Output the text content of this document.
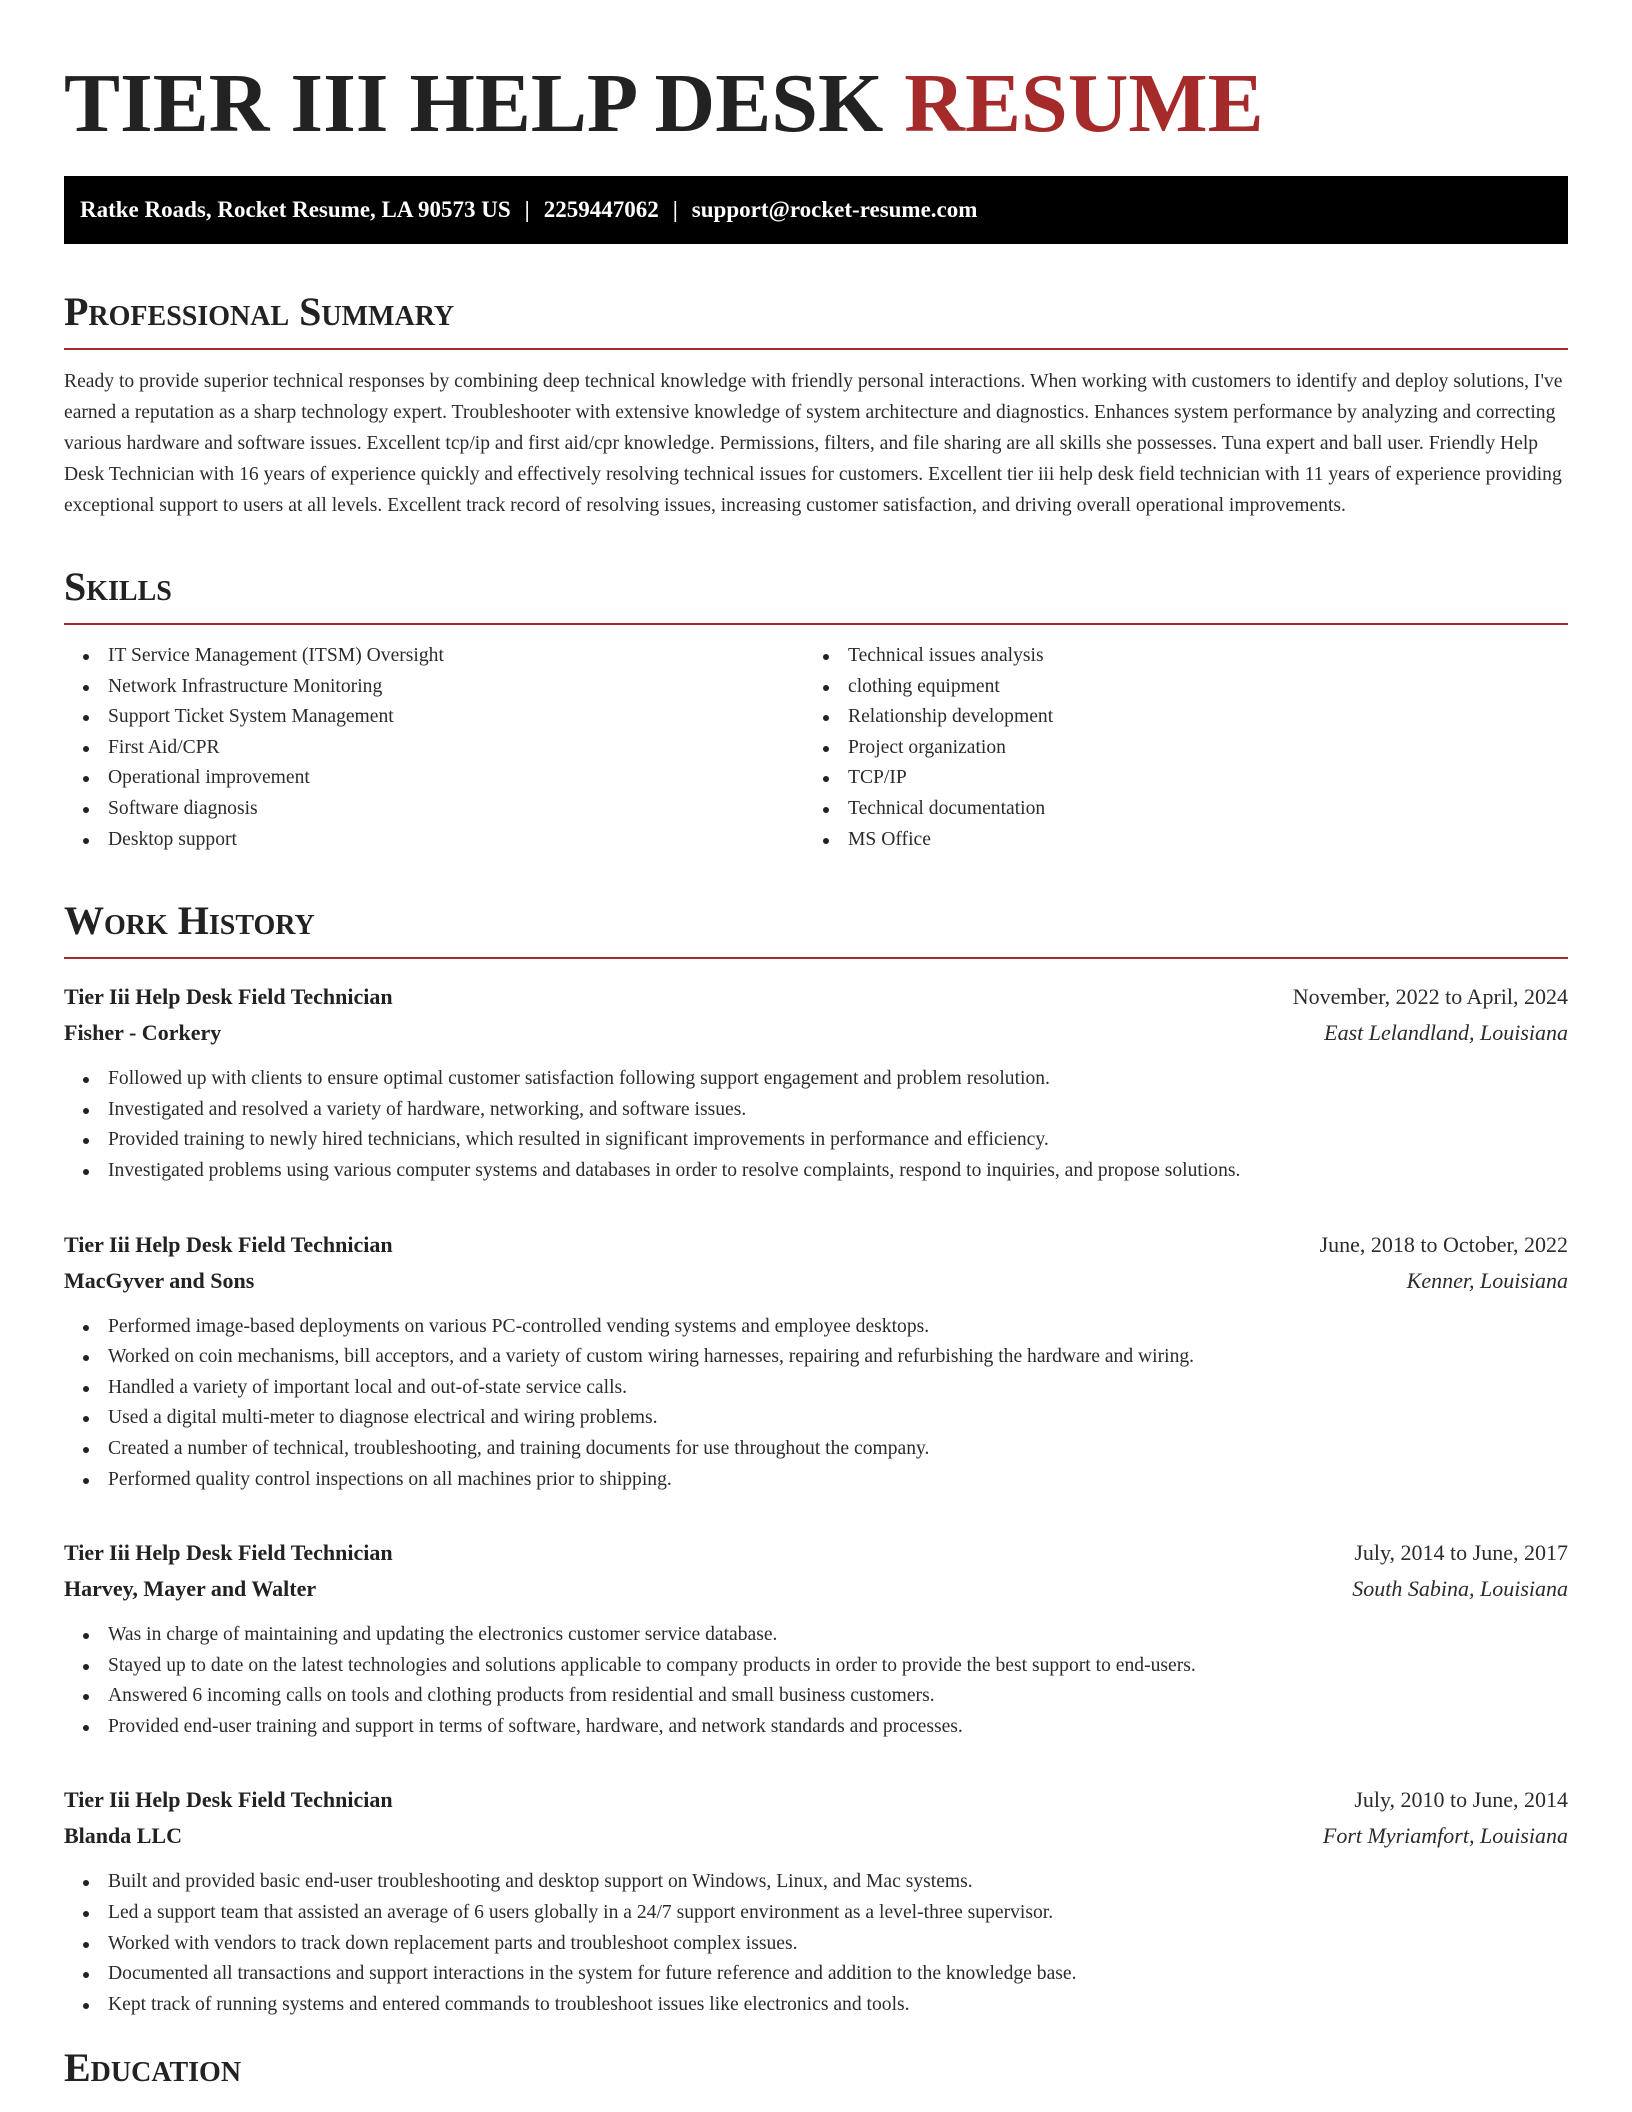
TIER III HELP DESK RESUME
Ratke Roads, Rocket Resume, LA 90573 US | 2259447062 | support@rocket-resume.com
Professional Summary

Ready to provide superior technical responses by combining deep technical knowledge with friendly personal interactions. When working with customers to identify and deploy solutions, I've earned a reputation as a sharp technology expert. Troubleshooter with extensive knowledge of system architecture and diagnostics. Enhances system performance by analyzing and correcting various hardware and software issues. Excellent tcp/ip and first aid/cpr knowledge. Permissions, filters, and file sharing are all skills she possesses. Tuna expert and ball user. Friendly Help Desk Technician with 16 years of experience quickly and effectively resolving technical issues for customers. Excellent tier iii help desk field technician with 11 years of experience providing exceptional support to users at all levels. Excellent track record of resolving issues, increasing customer satisfaction, and driving overall operational improvements.

Skills
IT Service Management (ITSM) Oversight
Network Infrastructure Monitoring
Support Ticket System Management
First Aid/CPR
Operational improvement
Software diagnosis
Desktop support
Technical issues analysis
clothing equipment
Relationship development
Project organization
TCP/IP
Technical documentation
MS Office
Work History
Tier Iii Help Desk Field Technician	November, 2022 to April, 2024
Fisher - Corkery	East Lelandland, Louisiana
Followed up with clients to ensure optimal customer satisfaction following support engagement and problem resolution.
Investigated and resolved a variety of hardware, networking, and software issues.
Provided training to newly hired technicians, which resulted in significant improvements in performance and efficiency.
Investigated problems using various computer systems and databases in order to resolve complaints, respond to inquiries, and propose solutions.
Tier Iii Help Desk Field Technician	June, 2018 to October, 2022
MacGyver and Sons	Kenner, Louisiana
Performed image-based deployments on various PC-controlled vending systems and employee desktops.
Worked on coin mechanisms, bill acceptors, and a variety of custom wiring harnesses, repairing and refurbishing the hardware and wiring.
Handled a variety of important local and out-of-state service calls.
Used a digital multi-meter to diagnose electrical and wiring problems.
Created a number of technical, troubleshooting, and training documents for use throughout the company.
Performed quality control inspections on all machines prior to shipping.
Tier Iii Help Desk Field Technician	July, 2014 to June, 2017
Harvey, Mayer and Walter	South Sabina, Louisiana
Was in charge of maintaining and updating the electronics customer service database.
Stayed up to date on the latest technologies and solutions applicable to company products in order to provide the best support to end-users.
Answered 6 incoming calls on tools and clothing products from residential and small business customers.
Provided end-user training and support in terms of software, hardware, and network standards and processes.
Tier Iii Help Desk Field Technician	July, 2010 to June, 2014
Blanda LLC	Fort Myriamfort, Louisiana
Built and provided basic end-user troubleshooting and desktop support on Windows, Linux, and Mac systems.
Led a support team that assisted an average of 6 users globally in a 24/7 support environment as a level-three supervisor.
Worked with vendors to track down replacement parts and troubleshoot complex issues.
Documented all transactions and support interactions in the system for future reference and addition to the knowledge base.
Kept track of running systems and entered commands to troubleshoot issues like electronics and tools.
Education
